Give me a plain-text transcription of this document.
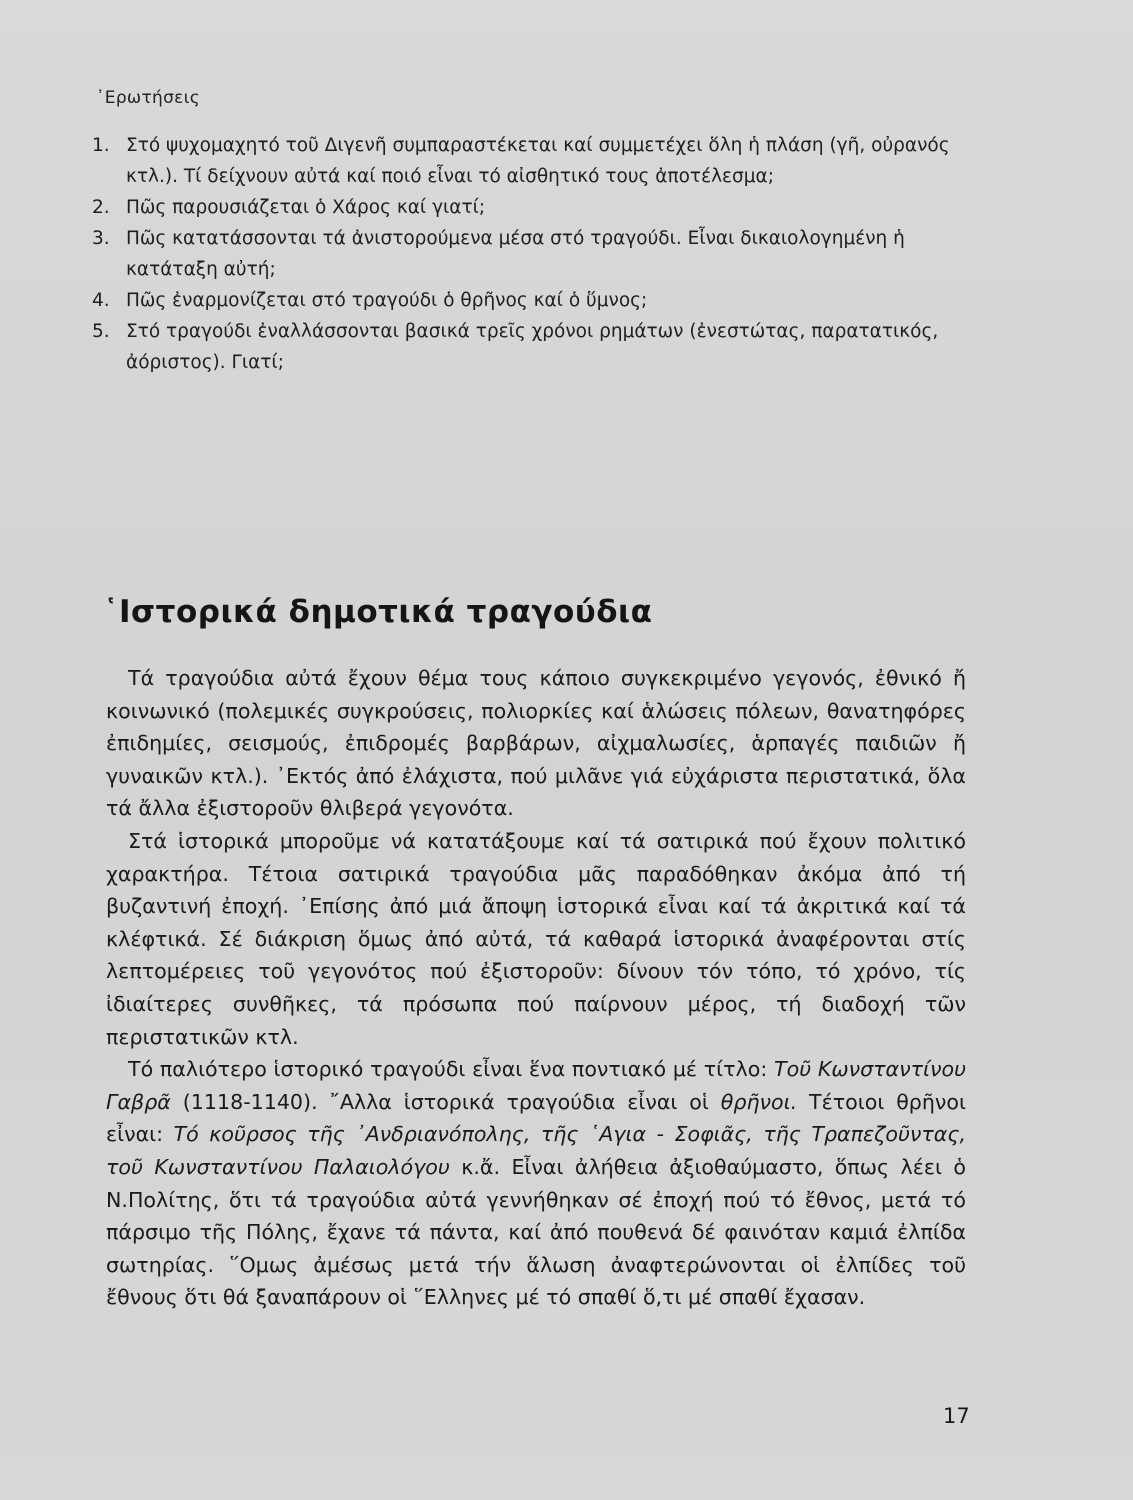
᾿Ερωτήσεις
1. Στό ψυχομαχητό τοῦ Διγενῆ συμπαραστέκεται καί συμμετέχει ὅλη ἡ πλάση (γῆ, οὐρανός κτλ.). Τί δείχνουν αὐτά καί ποιό εἶναι τό αἰσθητικό τους ἀποτέλεσμα;
2. Πῶς παρουσιάζεται ὁ Χάρος καί γιατί;
3. Πῶς κατατάσσονται τά ἀνιστορούμενα μέσα στό τραγούδι. Εἶναι δικαιολογημένη ἡ κατάταξη αὐτή;
4. Πῶς ἐναρμονίζεται στό τραγούδι ὁ θρῆνος καί ὁ ὕμνος;
5. Στό τραγούδι ἐναλλάσσονται βασικά τρεῖς χρόνοι ρημάτων (ἐνεστώτας, παρατατικός, ἀόριστος). Γιατί;
῾Ιστορικά δημοτικά τραγούδια

Τά τραγούδια αὐτά ἔχουν θέμα τους κάποιο συγκεκριμένο γεγονός, ἐθνικό ἤ κοινωνικό (πολεμικές συγκρούσεις, πολιορκίες καί ἁλώσεις πόλεων, θανατηφόρες ἐπιδημίες, σεισμούς, ἐπιδρομές βαρβάρων, αἰχμαλωσίες, ἁρπαγές παιδιῶν ἤ γυναικῶν κτλ.). ᾿Εκτός ἀπό ἐλάχιστα, πού μιλᾶνε γιά εὐχάριστα περιστατικά, ὅλα τά ἄλλα ἐξιστοροῦν θλιβερά γεγονότα.

Στά ἱστορικά μποροῦμε νά κατατάξουμε καί τά σατιρικά πού ἔχουν πολιτικό χαρακτήρα. Τέτοια σατιρικά τραγούδια μᾶς παραδόθηκαν ἀκόμα ἀπό τή βυζαντινή ἐποχή. ᾿Επίσης ἀπό μιά ἄποψη ἱστορικά εἶναι καί τά ἀκριτικά καί τά κλέφτικά. Σέ διάκριση ὅμως ἀπό αὐτά, τά καθαρά ἱστορικά ἀναφέρονται στίς λεπτομέρειες τοῦ γεγονότος πού ἐξιστοροῦν: δίνουν τόν τόπο, τό χρόνο, τίς ἰδιαίτερες συνθῆκες, τά πρόσωπα πού παίρνουν μέρος, τή διαδοχή τῶν περιστατικῶν κτλ.

Τό παλιότερο ἱστορικό τραγούδι εἶναι ἕνα ποντιακό μέ τίτλο: Τοῦ Κωνσταντίνου Γαβρᾶ (1118-1140). ῎Αλλα ἱστορικά τραγούδια εἶναι οἱ θρῆνοι. Τέτοιοι θρῆνοι εἶναι: Τό κοῦρσος τῆς ᾿Ανδριανόπολης, τῆς ῾Αγια - Σοφιᾶς, τῆς Τραπεζοῦντας, τοῦ Κωνσταντίνου Παλαιολόγου κ.ἄ. Εἶναι ἀλήθεια ἀξιοθαύμαστο, ὅπως λέει ὁ Ν.Πολίτης, ὅτι τά τραγούδια αὐτά γεννήθηκαν σέ ἐποχή πού τό ἔθνος, μετά τό πάρσιμο τῆς Πόλης, ἔχανε τά πάντα, καί ἀπό πουθενά δέ φαινόταν καμιά ἐλπίδα σωτηρίας. ῞Ομως ἀμέσως μετά τήν ἅλωση ἀναφτερώνονται οἱ ἐλπίδες τοῦ ἔθνους ὅτι θά ξαναπάρουν οἱ ῞Ελληνες μέ τό σπαθί ὅ,τι μέ σπαθί ἔχασαν.

17
